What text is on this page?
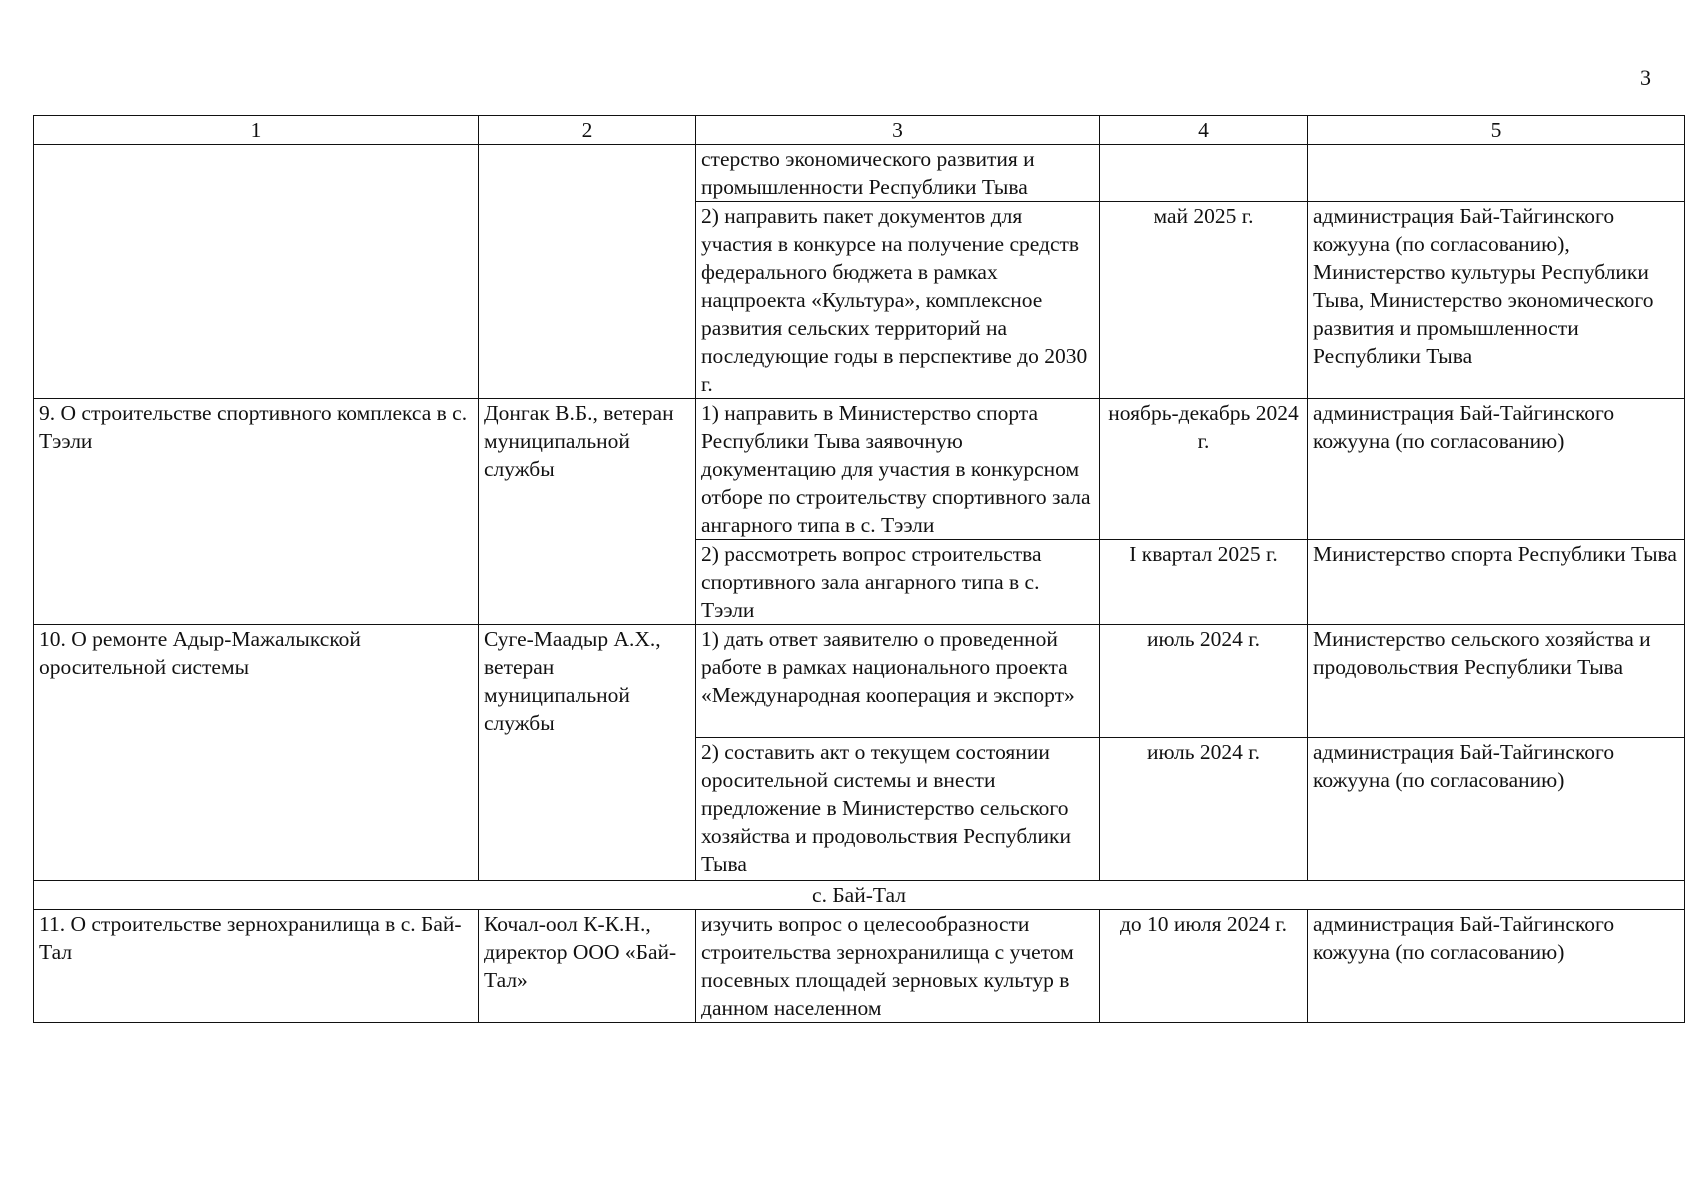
3
1	2	3	4	5
		стерство экономического развития и промышленности Республики Тыва		
		2) направить пакет документов для участия в конкурсе на получение средств федерального бюджета в рамках нацпроекта «Культура», комплексное развития сельских территорий на последующие годы в перспективе до 2030 г.	май 2025 г.	администрация Бай-Тайгинского кожууна (по согласованию), Министерство культуры Республики Тыва, Министерство экономического развития и промышленности Республики Тыва
9. О строительстве спортивного комплекса в с. Тээли	Донгак В.Б., ветеран муниципальной службы	1) направить в Министерство спорта Республики Тыва заявочную документацию для участия в конкурсном отборе по строительству спортивного зала ангарного типа в с. Тээли	ноябрь-декабрь 2024 г.	администрация Бай-Тайгинского кожууна (по согласованию)
		2) рассмотреть вопрос строительства спортивного зала ангарного типа в с. Тээли	I квартал 2025 г.	Министерство спорта Республики Тыва
10. О ремонте Адыр-Мажалыкской оросительной системы	Суге-Маадыр А.Х., ветеран муниципальной службы	1) дать ответ заявителю о проведенной работе в рамках национального проекта «Международная кооперация и экспорт»	июль 2024 г.	Министерство сельского хозяйства и продовольствия Республики Тыва
		2) составить акт о текущем состоянии оросительной системы и внести предложение в Министерство сельского хозяйства и продовольствия Республики Тыва	июль 2024 г.	администрация Бай-Тайгинского кожууна (по согласованию)
с. Бай-Тал				
11. О строительстве зернохранилища в с. Бай-Тал	Кочал-оол К-К.Н., директор ООО «Бай-Тал»	изучить вопрос о целесообразности строительства зернохранилища с учетом посевных площадей зерновых культур в данном населенном	до 10 июля 2024 г.	администрация Бай-Тайгинского кожууна (по согласованию)
